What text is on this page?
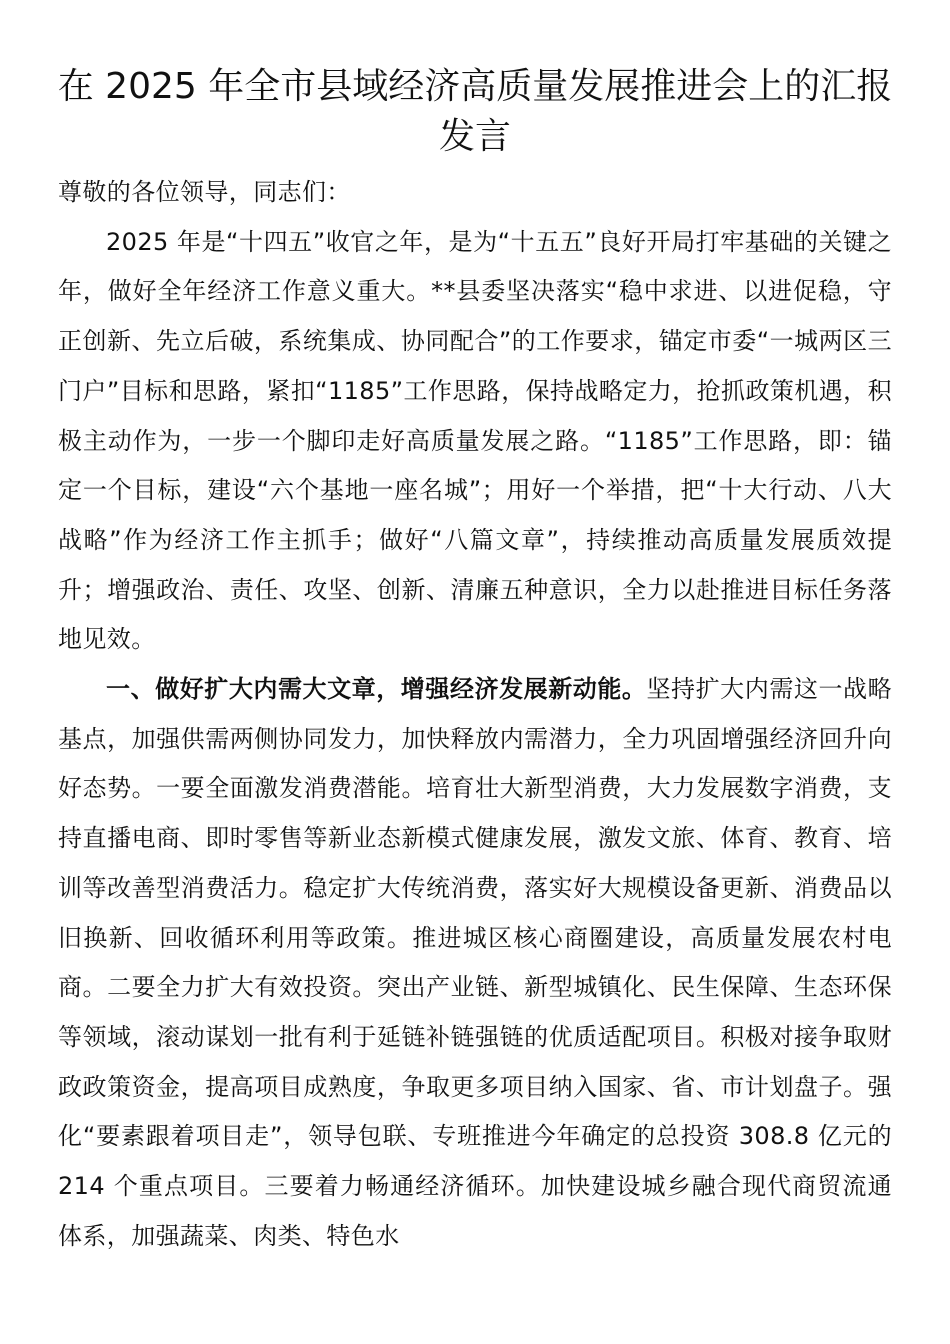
在 2025 年全市县域经济高质量发展推进会上的汇报发言

尊敬的各位领导，同志们：

2025 年是“十四五”收官之年，是为“十五五”良好开局打牢基础的关键之年，做好全年经济工作意义重大。**县委坚决落实“稳中求进、以进促稳，守正创新、先立后破，系统集成、协同配合”的工作要求，锚定市委“一城两区三门户”目标和思路，紧扣“1185”工作思路，保持战略定力，抢抓政策机遇，积极主动作为，一步一个脚印走好高质量发展之路。“1185”工作思路，即：锚定一个目标，建设“六个基地一座名城”；用好一个举措，把“十大行动、八大战略”作为经济工作主抓手；做好“八篇文章”，持续推动高质量发展质效提升；增强政治、责任、攻坚、创新、清廉五种意识，全力以赴推进目标任务落地见效。

一、做好扩大内需大文章，增强经济发展新动能。坚持扩大内需这一战略基点，加强供需两侧协同发力，加快释放内需潜力，全力巩固增强经济回升向好态势。一要全面激发消费潜能。培育壮大新型消费，大力发展数字消费，支持直播电商、即时零售等新业态新模式健康发展，激发文旅、体育、教育、培训等改善型消费活力。稳定扩大传统消费，落实好大规模设备更新、消费品以旧换新、回收循环利用等政策。推进城区核心商圈建设，高质量发展农村电商。二要全力扩大有效投资。突出产业链、新型城镇化、民生保障、生态环保等领域，滚动谋划一批有利于延链补链强链的优质适配项目。积极对接争取财政政策资金，提高项目成熟度，争取更多项目纳入国家、省、市计划盘子。强化“要素跟着项目走”，领导包联、专班推进今年确定的总投资 308.8 亿元的 214 个重点项目。三要着力畅通经济循环。加快建设城乡融合现代商贸流通体系，加强蔬菜、肉类、特色水
